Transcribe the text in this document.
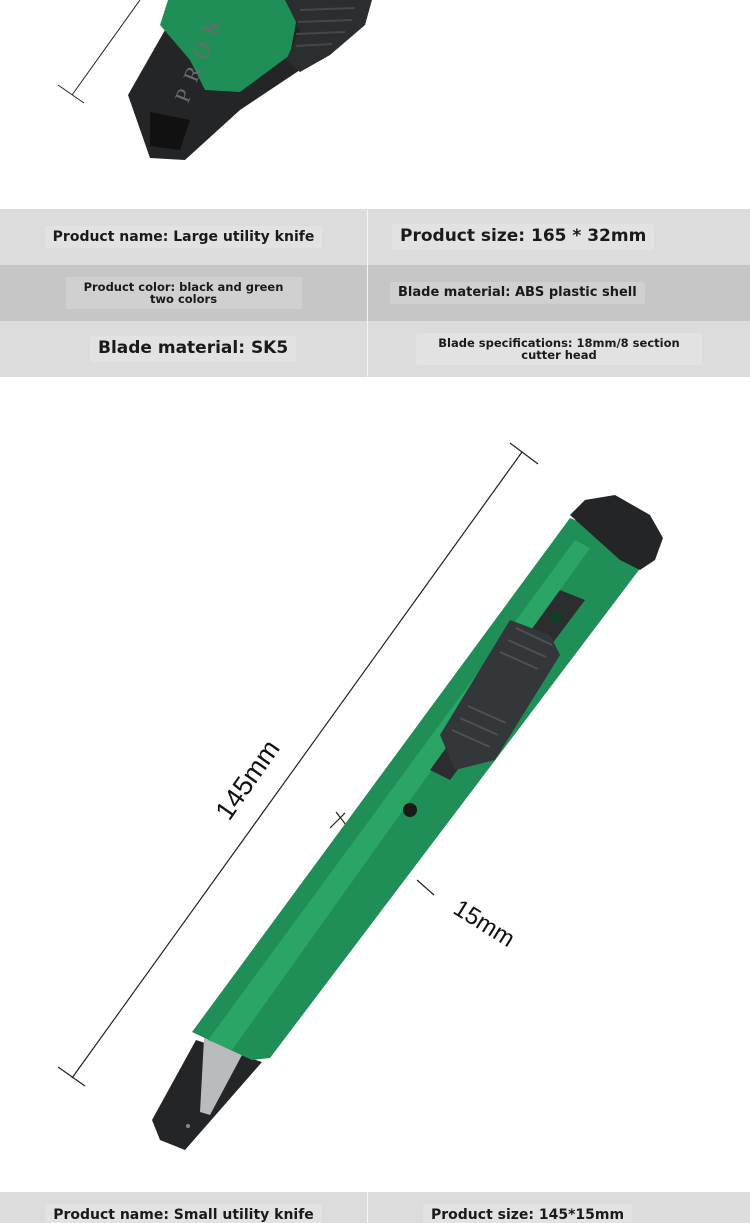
PROK
Product name: Large utility knife	Product size: 165 * 32mm
Product color: black and green two colors	Blade material: ABS plastic shell
Blade material: SK5	Blade specifications: 18mm/8 section cutter head
145mm
15mm
Product name: Small utility knife	Product size: 145*15mm
